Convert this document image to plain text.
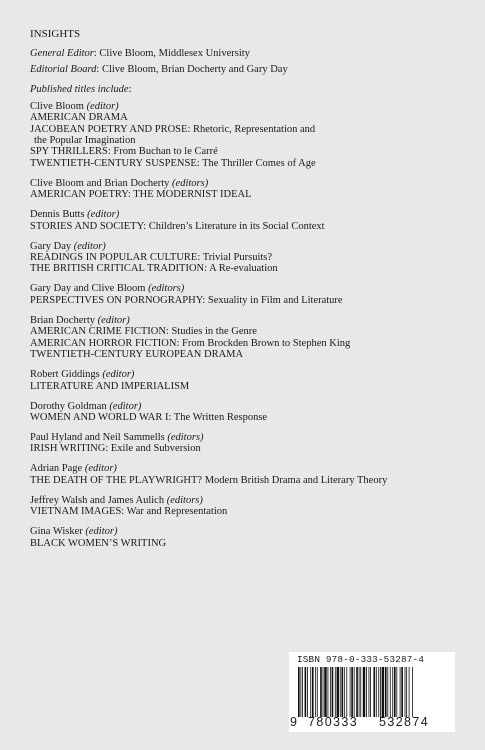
INSIGHTS

General Editor: Clive Bloom, Middlesex University

Editorial Board: Clive Bloom, Brian Docherty and Gary Day

Published titles include:

Clive Bloom (editor)

AMERICAN DRAMA

JACOBEAN POETRY AND PROSE: Rhetoric, Representation and

the Popular Imagination

SPY THRILLERS: From Buchan to le Carré

TWENTIETH-CENTURY SUSPENSE: The Thriller Comes of Age

Clive Bloom and Brian Docherty (editors)

AMERICAN POETRY: THE MODERNIST IDEAL

Dennis Butts (editor)

STORIES AND SOCIETY: Children’s Literature in its Social Context

Gary Day (editor)

READINGS IN POPULAR CULTURE: Trivial Pursuits?

THE BRITISH CRITICAL TRADITION: A Re-evaluation

Gary Day and Clive Bloom (editors)

PERSPECTIVES ON PORNOGRAPHY: Sexuality in Film and Literature

Brian Docherty (editor)

AMERICAN CRIME FICTION: Studies in the Genre

AMERICAN HORROR FICTION: From Brockden Brown to Stephen King

TWENTIETH-CENTURY EUROPEAN DRAMA

Robert Giddings (editor)

LITERATURE AND IMPERIALISM

Dorothy Goldman (editor)

WOMEN AND WORLD WAR I: The Written Response

Paul Hyland and Neil Sammells (editors)

IRISH WRITING: Exile and Subversion

Adrian Page (editor)

THE DEATH OF THE PLAYWRIGHT? Modern British Drama and Literary Theory

Jeffrey Walsh and James Aulich (editors)

VIETNAM IMAGES: War and Representation

Gina Wisker (editor)

BLACK WOMEN’S WRITING

ISBN 978-0-333-53287-4
9 780333 532874
